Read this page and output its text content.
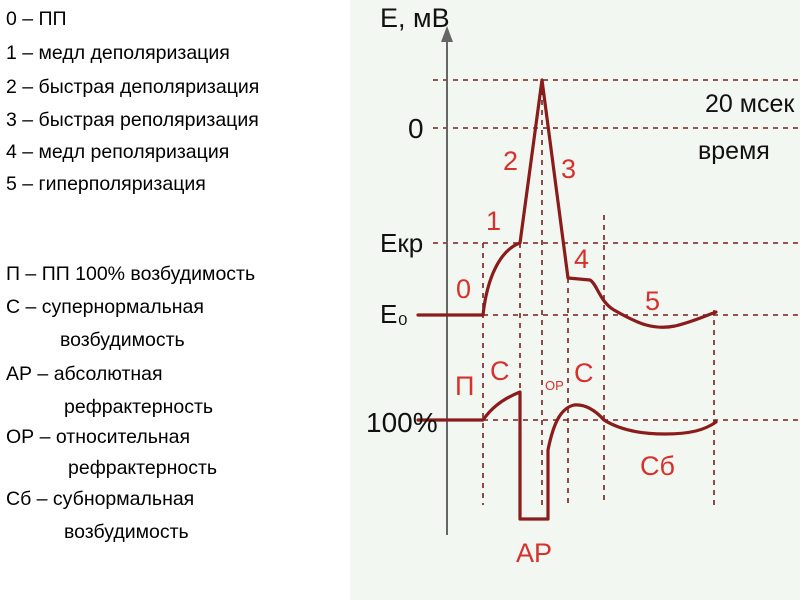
0 – ПП
1 – медл деполяризация
2 – быстрая деполяризация
3 – быстрая реполяризация
4 – медл реполяризация
5 – гиперполяризация
П – ПП 100% возбудимость
С – супернормальная
возбудимость
АР – абсолютная
рефрактерность
ОР – относительная
рефрактерность
Сб – субнормальная
возбудимость
E, мВ
20 мсек
время
0
Eкр
E₀
100%
0
1
2 3
4
5
П С	ОР С
Сб
АР
